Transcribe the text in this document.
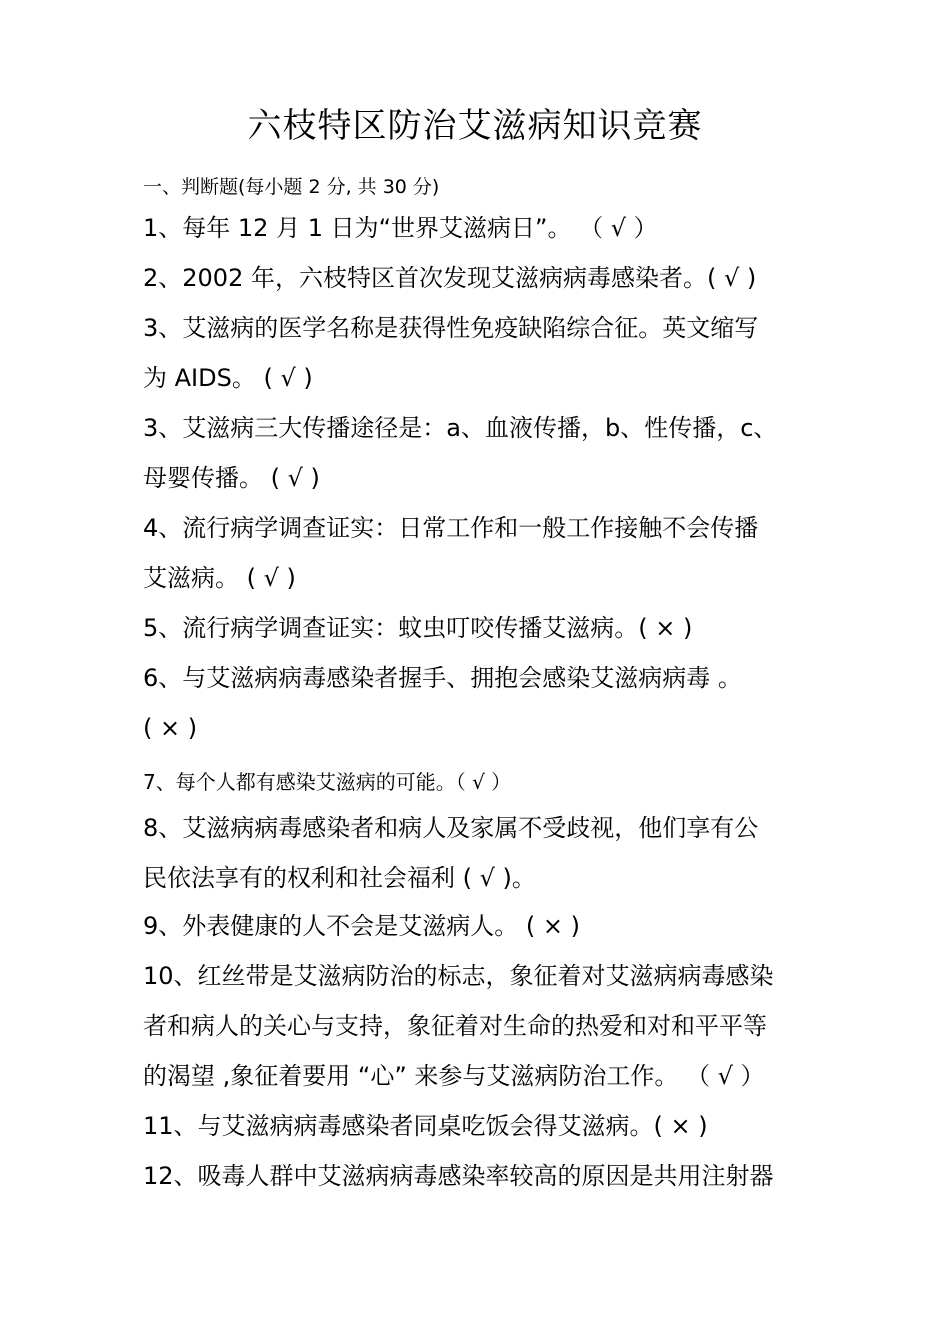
六枝特区防治艾滋病知识竞赛
一、判断题(每小题 2 分, 共 30 分)
1、每年 12 月 1 日为“世界艾滋病日”。 （ √ ）
2、2002 年，六枝特区首次发现艾滋病病毒感染者。( √ )
3、艾滋病的医学名称是获得性免疫缺陷综合征。英文缩写
为 AIDS。 ( √ )
3、艾滋病三大传播途径是：a、血液传播，b、性传播，c、
母婴传播。 ( √ )
4、流行病学调查证实：日常工作和一般工作接触不会传播
艾滋病。 ( √ )
5、流行病学调查证实：蚊虫叮咬传播艾滋病。( × )
6、与艾滋病病毒感染者握手、拥抱会感染艾滋病病毒 。
( × )
7、每个人都有感染艾滋病的可能。（ √ ）
8、艾滋病病毒感染者和病人及家属不受歧视，他们享有公
民依法享有的权利和社会福利 ( √ )。
9、外表健康的人不会是艾滋病人。 ( × )
10、红丝带是艾滋病防治的标志，象征着对艾滋病病毒感染
者和病人的关心与支持，象征着对生命的热爱和对和平平等
的渴望 ,象征着要用 “心” 来参与艾滋病防治工作。 （ √ ）
11、与艾滋病病毒感染者同桌吃饭会得艾滋病。( × )
12、吸毒人群中艾滋病病毒感染率较高的原因是共用注射器
